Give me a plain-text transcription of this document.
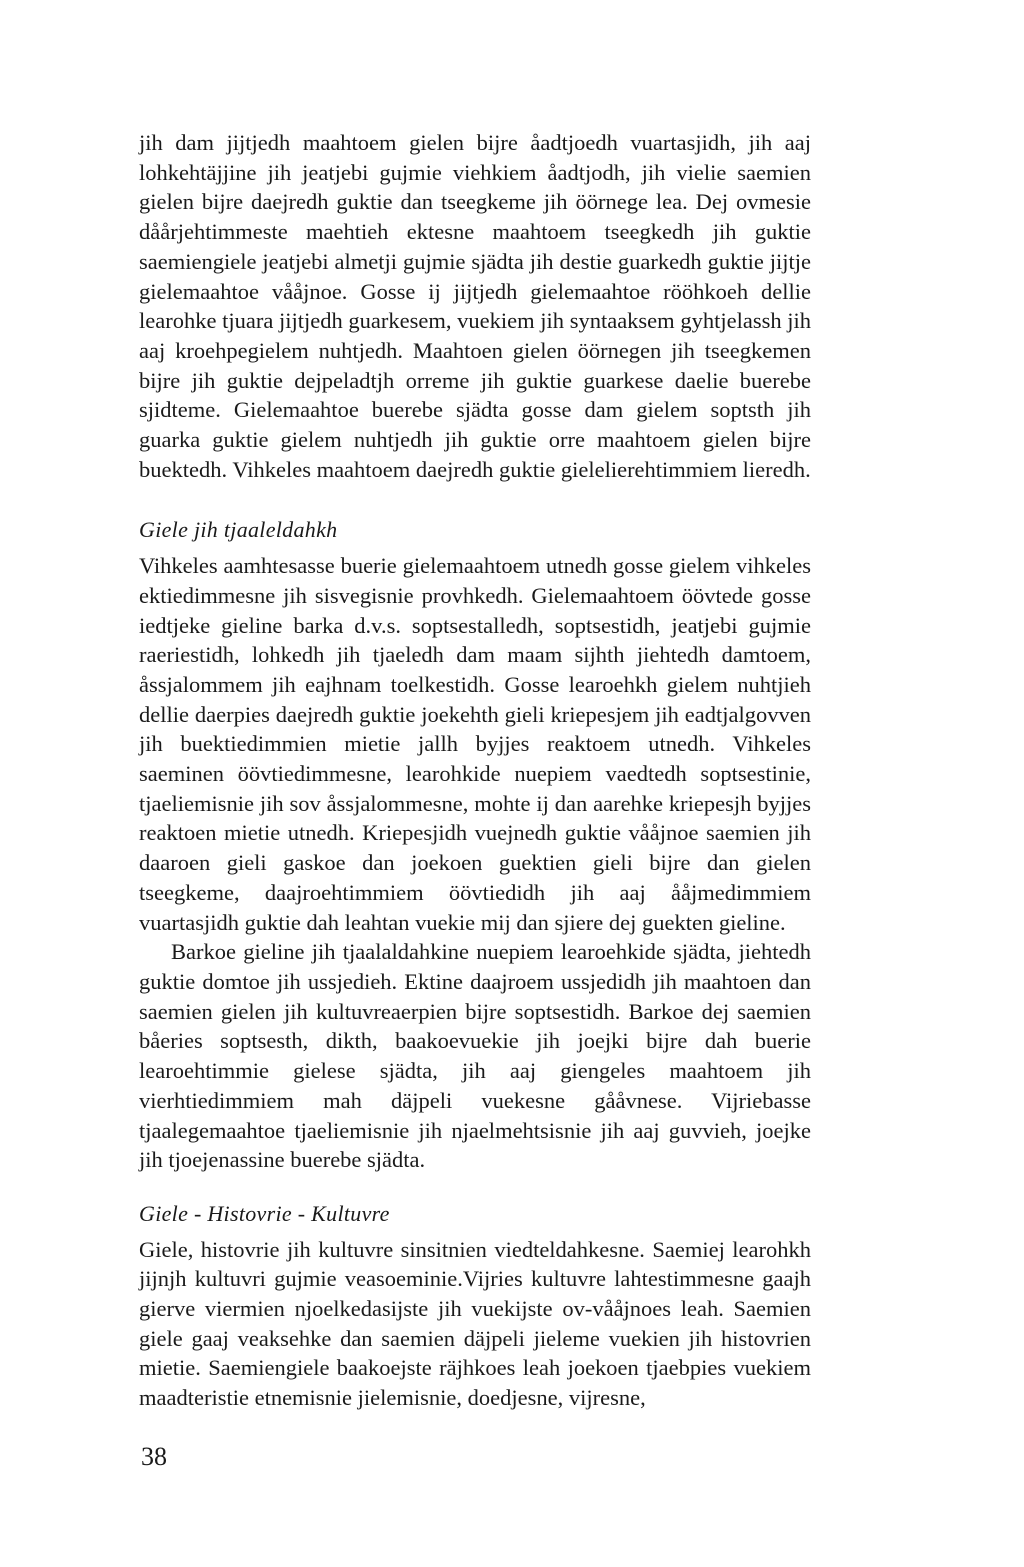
jih dam jijtjedh maahtoem gielen bijre åadtjoedh vuartasjidh, jih aaj lohkehtäjjine jih jeatjebi gujmie viehkiem åadtjodh, jih vielie saemien gielen bijre daejredh guktie dan tseegkeme jih öörnege lea. Dej ovmesie dåårjehtimmeste maehtieh ektesne maahtoem tseegkedh jih guktie saemiengiele jeatjebi almetji gujmie sjädta jih destie guarkedh guktie jijtje gielemaahtoe vååjnoe. Gosse ij jijtjedh gielemaahtoe rööhkoeh dellie learohke tjuara jijtjedh guarkesem, vuekiem jih syntaaksem gyhtjelassh jih aaj kroehpegielem nuhtjedh. Maahtoen gielen öörnegen jih tseegkemen bijre jih guktie dejpeladtjh orreme jih guktie guarkese daelie buerebe sjidteme. Gielemaahtoe buerebe sjädta gosse dam gielem soptsth jih guarka guktie gielem nuhtjedh jih guktie orre maahtoem gielen bijre buektedh. Vihkeles maahtoem daejredh guktie gielelierehtimmiem lieredh.

Giele jih tjaaleldahkh

Vihkeles aamhtesasse buerie gielemaahtoem utnedh gosse gielem vihkeles ektiedimmesne jih sisvegisnie provhkedh. Gielemaahtoem öövtede gosse iedtjeke gieline barka d.v.s. soptsestalledh, soptsestidh, jeatjebi gujmie raeriestidh, lohkedh jih tjaeledh dam maam sijhth jiehtedh damtoem, åssjalommem jih eajhnam toelkestidh. Gosse learoehkh gielem nuhtjieh dellie daerpies daejredh guktie joekehth gieli kriepesjem jih eadtjalgovven jih buektiedimmien mietie jallh byjjes reaktoem utnedh. Vihkeles saeminen öövtiedimmesne, learohkide nuepiem vaedtedh soptsestinie, tjaeliemisnie jih sov åssjalommesne, mohte ij dan aarehke kriepesjh byjjes reaktoen mietie utnedh. Kriepesjidh vuejnedh guktie vååjnoe saemien jih daaroen gieli gaskoe dan joekoen guektien gieli bijre dan gielen tseegkeme, daajroehtimmiem öövtiedidh jih aaj ååjmedimmiem vuartasjidh guktie dah leahtan vuekie mij dan sjiere dej guekten gieline.

Barkoe gieline jih tjaalaldahkine nuepiem learoehkide sjädta, jiehtedh guktie domtoe jih ussjedieh. Ektine daajroem ussjedidh jih maahtoen dan saemien gielen jih kultuvreaerpien bijre soptsestidh. Barkoe dej saemien båeries soptsesth, dikth, baakoevuekie jih joejki bijre dah buerie learoehtimmie gielese sjädta, jih aaj giengeles maahtoem jih vierhtiedimmiem mah däjpeli vuekesne gååvnese. Vijriebasse tjaalegemaahtoe tjaeliemisnie jih njaelmehtsisnie jih aaj guvvieh, joejke jih tjoejenassine buerebe sjädta.

Giele - Histovrie - Kultuvre

Giele, histovrie jih kultuvre sinsitnien viedteldahkesne. Saemiej learohkh jijnjh kultuvri gujmie veasoeminie.Vijries kultuvre lahtestimmesne gaajh gierve viermien njoelkedasijste jih vuekijste ov-vååjnoes leah. Saemien giele gaaj veaksehke dan saemien däjpeli jieleme vuekien jih histovrien mietie. Saemiengiele baakoejste räjhkoes leah joekoen tjaebpies vuekiem maadteristie etnemisnie jielemisnie, doedjesne, vijresne,

38
